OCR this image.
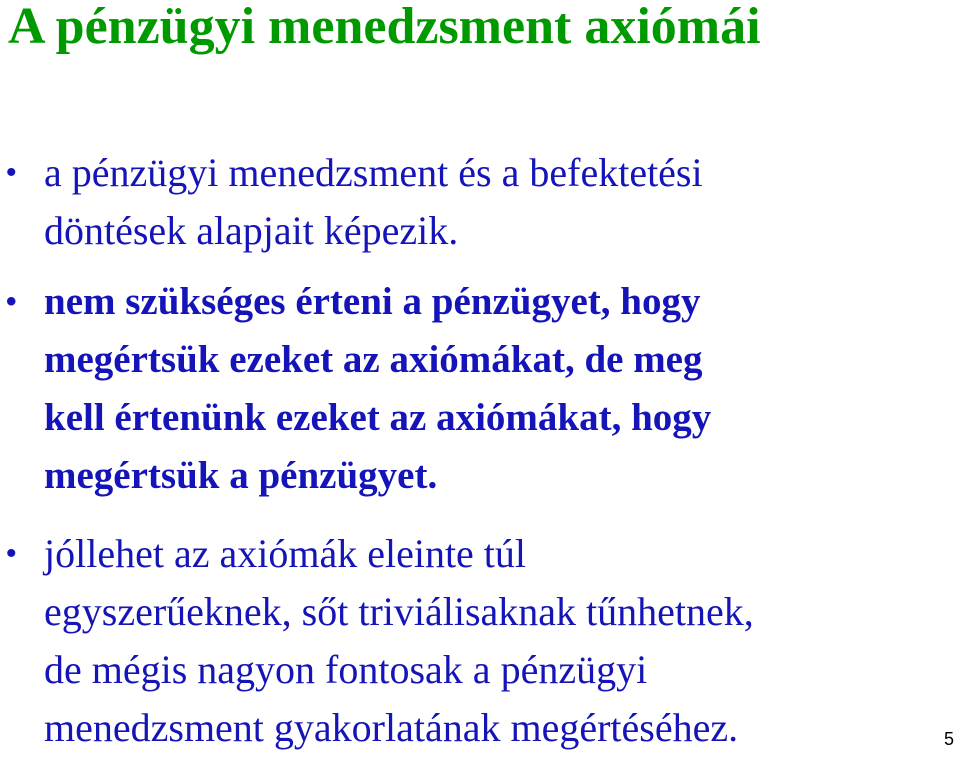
A pénzügyi menedzsment axiómái
• a pénzügyi menedzsment és a befektetési
döntések alapjait képezik.
• nem szükséges érteni a pénzügyet, hogy
megértsük ezeket az axiómákat, de meg
kell értenünk ezeket az axiómákat, hogy
megértsük a pénzügyet.
• jóllehet az axiómák eleinte túl
egyszerűeknek, sőt triviálisaknak tűnhetnek,
de mégis nagyon fontosak a pénzügyi
menedzsment gyakorlatának megértéséhez.	5
